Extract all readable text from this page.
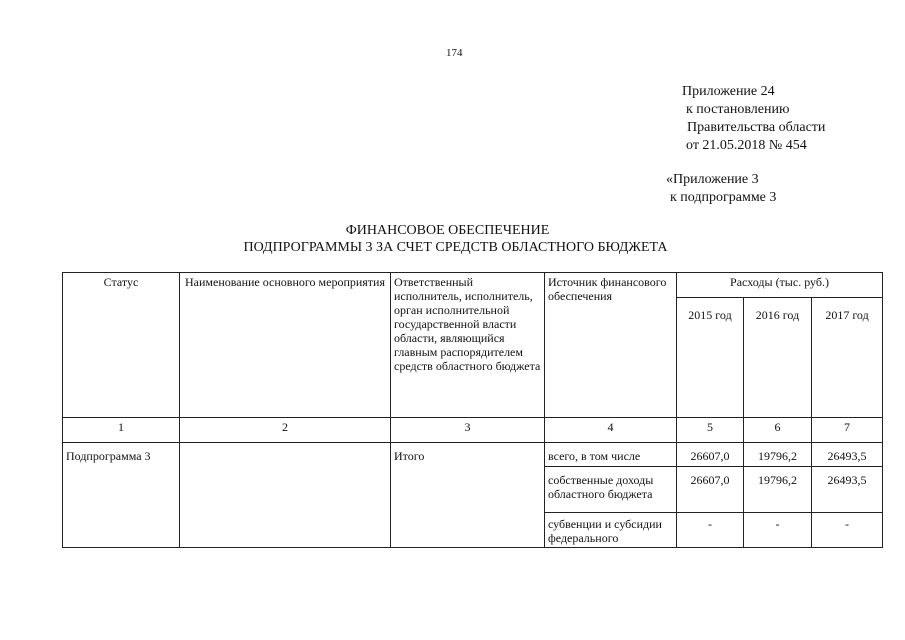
174
Приложение 24
к постановлению
Правительства области
от 21.05.2018 № 454
«Приложение 3
к подпрограмме 3
ФИНАНСОВОЕ ОБЕСПЕЧЕНИЕ
ПОДПРОГРАММЫ 3 ЗА СЧЕТ СРЕДСТВ ОБЛАСТНОГО БЮДЖЕТА
Статус	Наименование основного мероприятия	Ответственный исполнитель, исполнитель, орган исполнительной государственной власти области, являющийся главным распорядителем средств областного бюджета	Источник финансового обеспечения	Расходы (тыс. руб.)		
				2015 год	2016 год	2017 год
1	2	3	4	5	6	7
Подпрограмма 3		Итого	всего, в том числе	26607,0	19796,2	26493,5
			собственные доходы областного бюджета	26607,0	19796,2	26493,5
			субвенции и субсидии федерального	-	-	-
